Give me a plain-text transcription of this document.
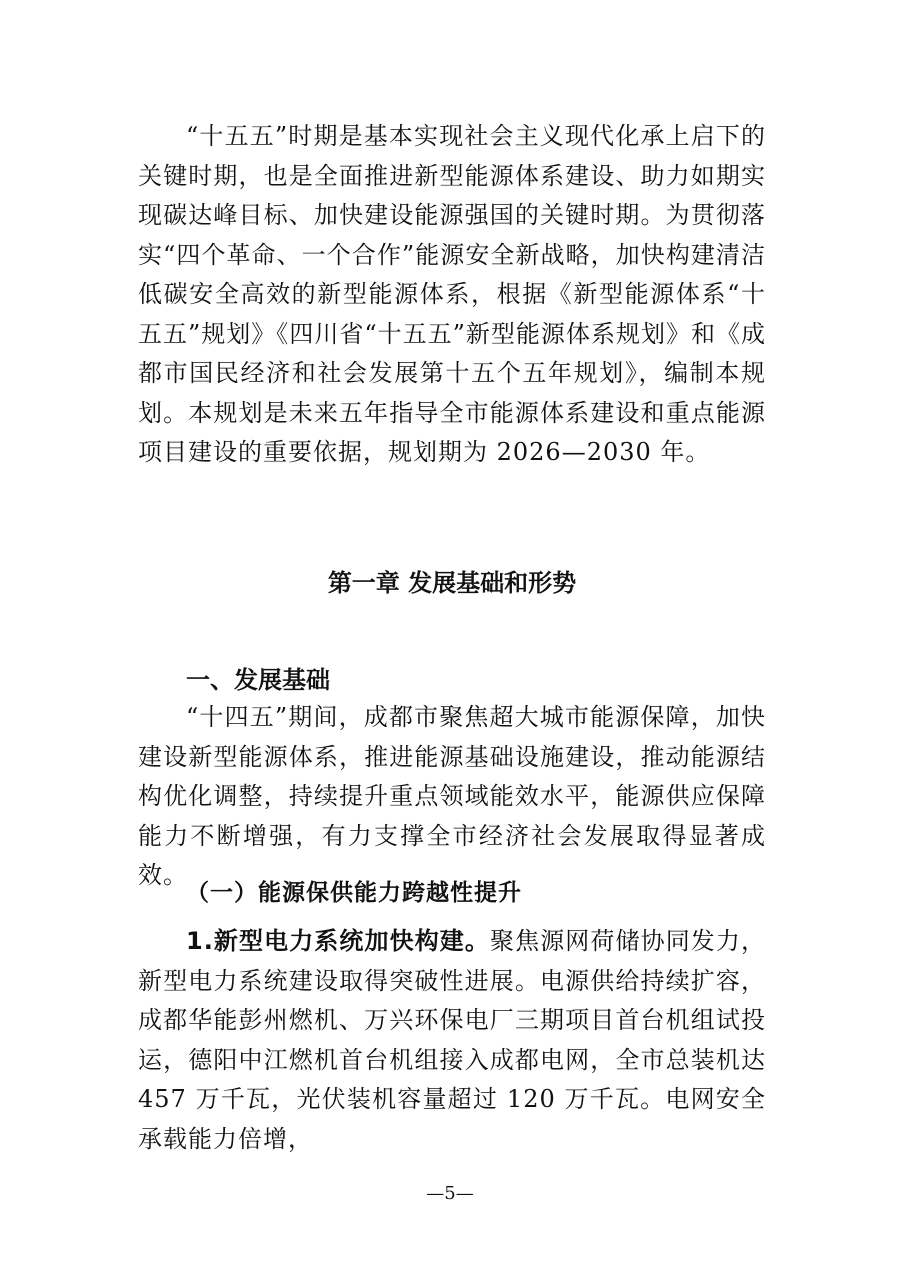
“十五五”时期是基本实现社会主义现代化承上启下的关键时期，也是全面推进新型能源体系建设、助力如期实现碳达峰目标、加快建设能源强国的关键时期。为贯彻落实“四个革命、一个合作”能源安全新战略，加快构建清洁低碳安全高效的新型能源体系，根据《新型能源体系“十五五”规划》《四川省“十五五”新型能源体系规划》和《成都市国民经济和社会发展第十五个五年规划》，编制本规划。本规划是未来五年指导全市能源体系建设和重点能源项目建设的重要依据，规划期为 2026—2030 年。

第一章 发展基础和形势
一、发展基础

“十四五”期间，成都市聚焦超大城市能源保障，加快建设新型能源体系，推进能源基础设施建设，推动能源结构优化调整，持续提升重点领域能效水平，能源供应保障能力不断增强，有力支撑全市经济社会发展取得显著成效。

（一）能源保供能力跨越性提升

1.新型电力系统加快构建。聚焦源网荷储协同发力，新型电力系统建设取得突破性进展。电源供给持续扩容，成都华能彭州燃机、万兴环保电厂三期项目首台机组试投运，德阳中江燃机首台机组接入成都电网，全市总装机达 457 万千瓦，光伏装机容量超过 120 万千瓦。电网安全承载能力倍增，

—5—
